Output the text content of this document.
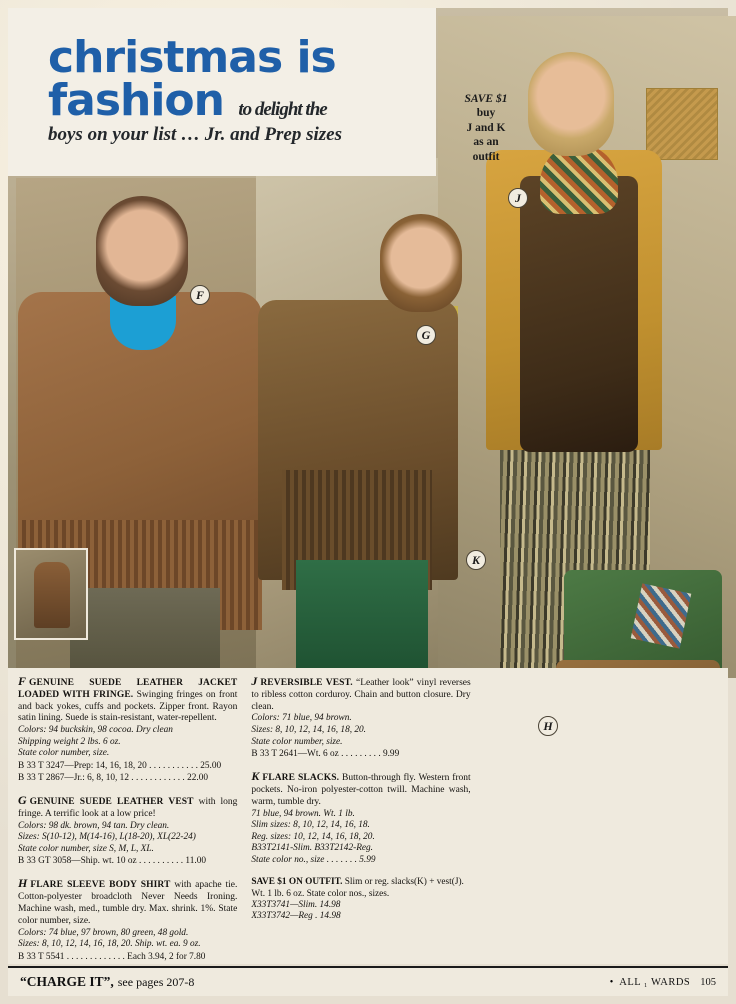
F
G
J
K
H
christmas is
fashion to delight the
boys on your list … Jr. and Prep sizes
SAVE $1
buy
J and K
as an
outfit
F GENUINE SUEDE LEATHER JACKET LOADED WITH FRINGE. Swinging fringes on front and back yokes, cuffs and pockets. Zipper front. Rayon satin lining. Suede is stain-resistant, water-repellent.
Colors: 94 buckskin, 98 cocoa. Dry clean
Shipping weight 2 lbs. 6 oz.
State color number, size.
B 33 T 3247—Prep: 14, 16, 18, 20 . . . . . . . . . . . 25.00
B 33 T 2867—Jr.: 6, 8, 10, 12 . . . . . . . . . . . . 22.00
G GENUINE SUEDE LEATHER VEST with long fringe. A terrific look at a low price!
Colors: 98 dk. brown, 94 tan. Dry clean.
Sizes: S(10-12), M(14-16), L(18-20), XL(22-24)
State color number, size S, M, L, XL.
B 33 GT 3058—Ship. wt. 10 oz . . . . . . . . . . 11.00
H FLARE SLEEVE BODY SHIRT with apache tie. Cotton-polyester broadcloth Never Needs Ironing. Machine wash, med., tumble dry. Max. shrink. 1%. State color number, size.
Colors: 74 blue, 97 brown, 80 green, 48 gold.
Sizes: 8, 10, 12, 14, 16, 18, 20. Ship. wt. ea. 9 oz.
B 33 T 5541 . . . . . . . . . . . . . Each 3.94, 2 for 7.80
J REVERSIBLE VEST. “Leather look” vinyl reverses to ribless cotton corduroy. Chain and button closure. Dry clean.
Colors: 71 blue, 94 brown.
Sizes: 8, 10, 12, 14, 16, 18, 20.
State color number, size.
B 33 T 2641—Wt. 6 oz . . . . . . . . . 9.99
K FLARE SLACKS. Button-through fly. Western front pockets. No-iron polyester-cotton twill. Machine wash, warm, tumble dry.
71 blue, 94 brown. Wt. 1 lb.
Slim sizes: 8, 10, 12, 14, 16, 18.
Reg. sizes: 10, 12, 14, 16, 18, 20.
B33T2141-Slim. B33T2142-Reg.
State color no., size . . . . . . . 5.99
SAVE $1 ON OUTFIT. Slim or reg. slacks(K) + vest(J). Wt. 1 lb. 6 oz. State color nos., sizes.
X33T3741—Slim. 14.98
X33T3742—Reg . 14.98
“CHARGE IT”, see pages 207-8	• ALL ₁ WARDS 105
